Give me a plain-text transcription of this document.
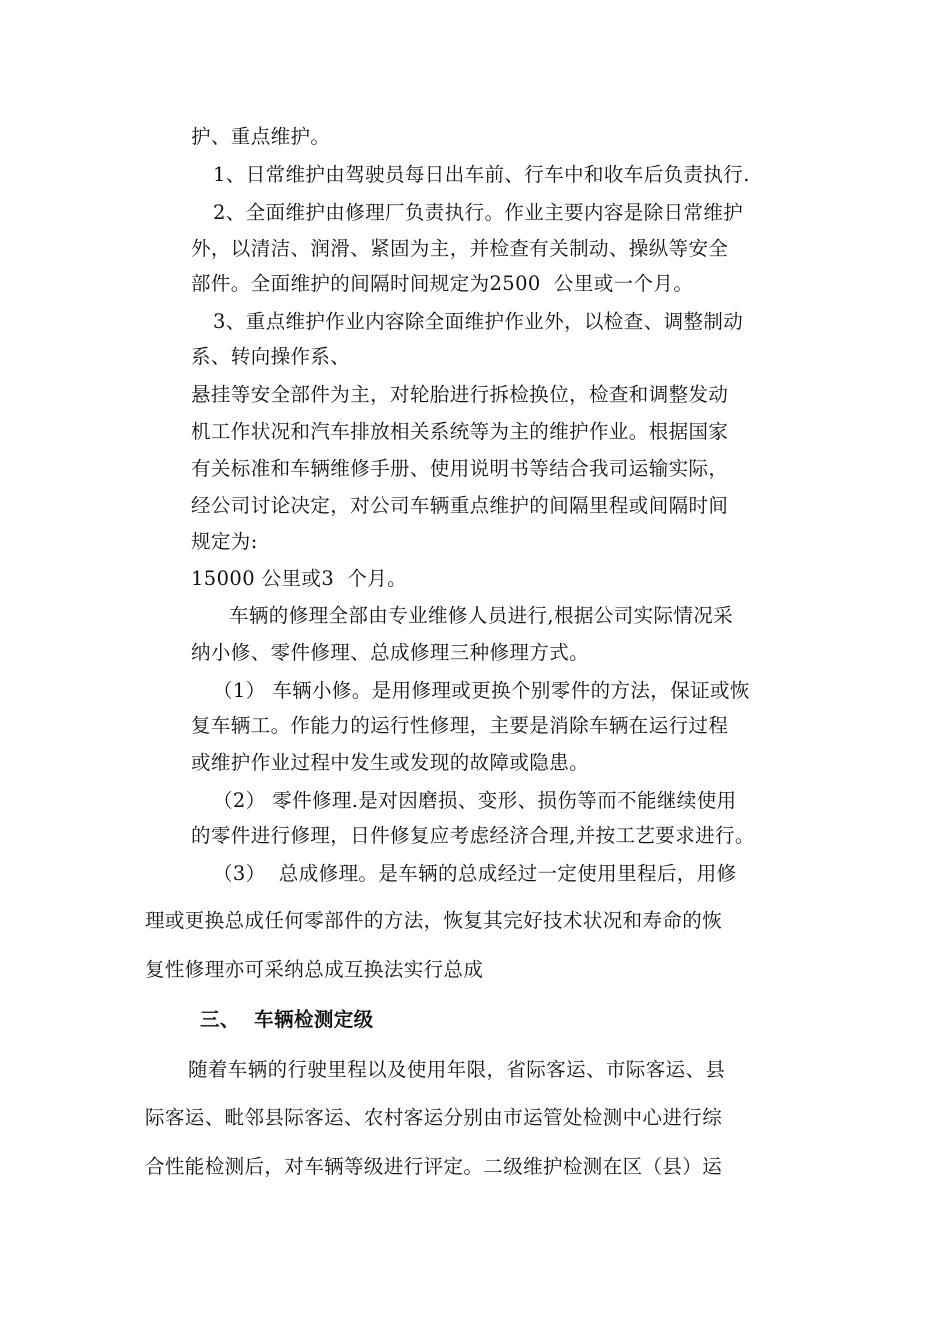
护、重点维护。
1、日常维护由驾驶员每日出车前、行车中和收车后负责执行.
2、全面维护由修理厂负责执行。作业主要内容是除日常维护
外，以清洁、润滑、紧固为主，并检查有关制动、操纵等安全
部件。全面维护的间隔时间规定为2500  公里或一个月。
3、重点维护作业内容除全面维护作业外，以检查、调整制动
系、转向操作系、
悬挂等安全部件为主，对轮胎进行拆检换位，检查和调整发动
机工作状况和汽车排放相关系统等为主的维护作业。根据国家
有关标准和车辆维修手册、使用说明书等结合我司运输实际，
经公司讨论决定，对公司车辆重点维护的间隔里程或间隔时间
规定为:
15000 公里或3  个月。
车辆的修理全部由专业维修人员进行,根据公司实际情况采
纳小修、零件修理、总成修理三种修理方式。
（1） 车辆小修。是用修理或更换个别零件的方法，保证或恢
复车辆工。作能力的运行性修理，主要是消除车辆在运行过程
或维护作业过程中发生或发现的故障或隐患。
（2） 零件修理.是对因磨损、变形、损伤等而不能继续使用
的零件进行修理，日件修复应考虑经济合理,并按工艺要求进行。
（3）  总成修理。是车辆的总成经过一定使用里程后，用修
理或更换总成任何零部件的方法，恢复其完好技术状况和寿命的恢
复性修理亦可采纳总成互换法实行总成
三、  车辆检测定级
随着车辆的行驶里程以及使用年限，省际客运、市际客运、县
际客运、毗邻县际客运、农村客运分别由市运管处检测中心进行综
合性能检测后，对车辆等级进行评定。二级维护检测在区（县）运
